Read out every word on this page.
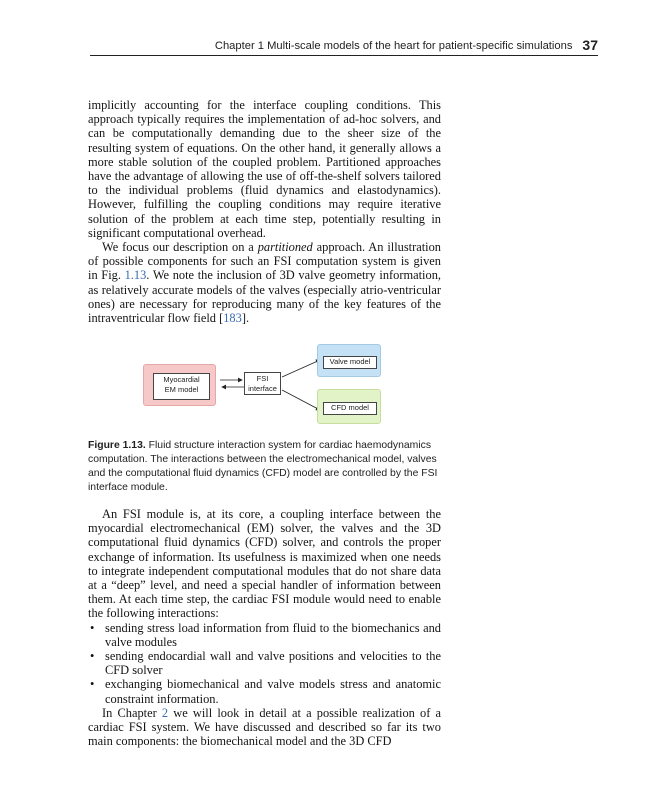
Chapter 1 Multi-scale models of the heart for patient-specific simulations 37

implicitly accounting for the interface coupling conditions. This approach typically requires the implementation of ad-hoc solvers, and can be computationally demanding due to the sheer size of the resulting system of equations. On the other hand, it generally allows a more stable solution of the coupled problem. Partitioned approaches have the advantage of allowing the use of off-the-shelf solvers tailored to the individual problems (fluid dynamics and elastodynamics). However, fulfilling the coupling conditions may require iterative solution of the problem at each time step, potentially resulting in significant computational overhead.

We focus our description on a partitioned approach. An illustration of possible components for such an FSI computation system is given in Fig. 1.13. We note the inclusion of 3D valve geometry information, as relatively accurate models of the valves (especially atrio-ventricular ones) are necessary for reproducing many of the key features of the intraventricular flow field [183].

Myocardial
EM model
FSI
interface
Valve model
CFD model
Figure 1.13. Fluid structure interaction system for cardiac haemodynamics computation. The interactions between the electromechanical model, valves and the computational fluid dynamics (CFD) model are controlled by the FSI interface module.

An FSI module is, at its core, a coupling interface between the myocardial electromechanical (EM) solver, the valves and the 3D computational fluid dynamics (CFD) solver, and controls the proper exchange of information. Its usefulness is maximized when one needs to integrate independent computational modules that do not share data at a “deep” level, and need a special handler of information between them. At each time step, the cardiac FSI module would need to enable the following interactions:

• sending stress load information from fluid to the biomechanics and valve modules
• sending endocardial wall and valve positions and velocities to the CFD solver
• exchanging biomechanical and valve models stress and anatomic constraint information.

In Chapter 2 we will look in detail at a possible realization of a cardiac FSI system. We have discussed and described so far its two main components: the biomechanical model and the 3D CFD
